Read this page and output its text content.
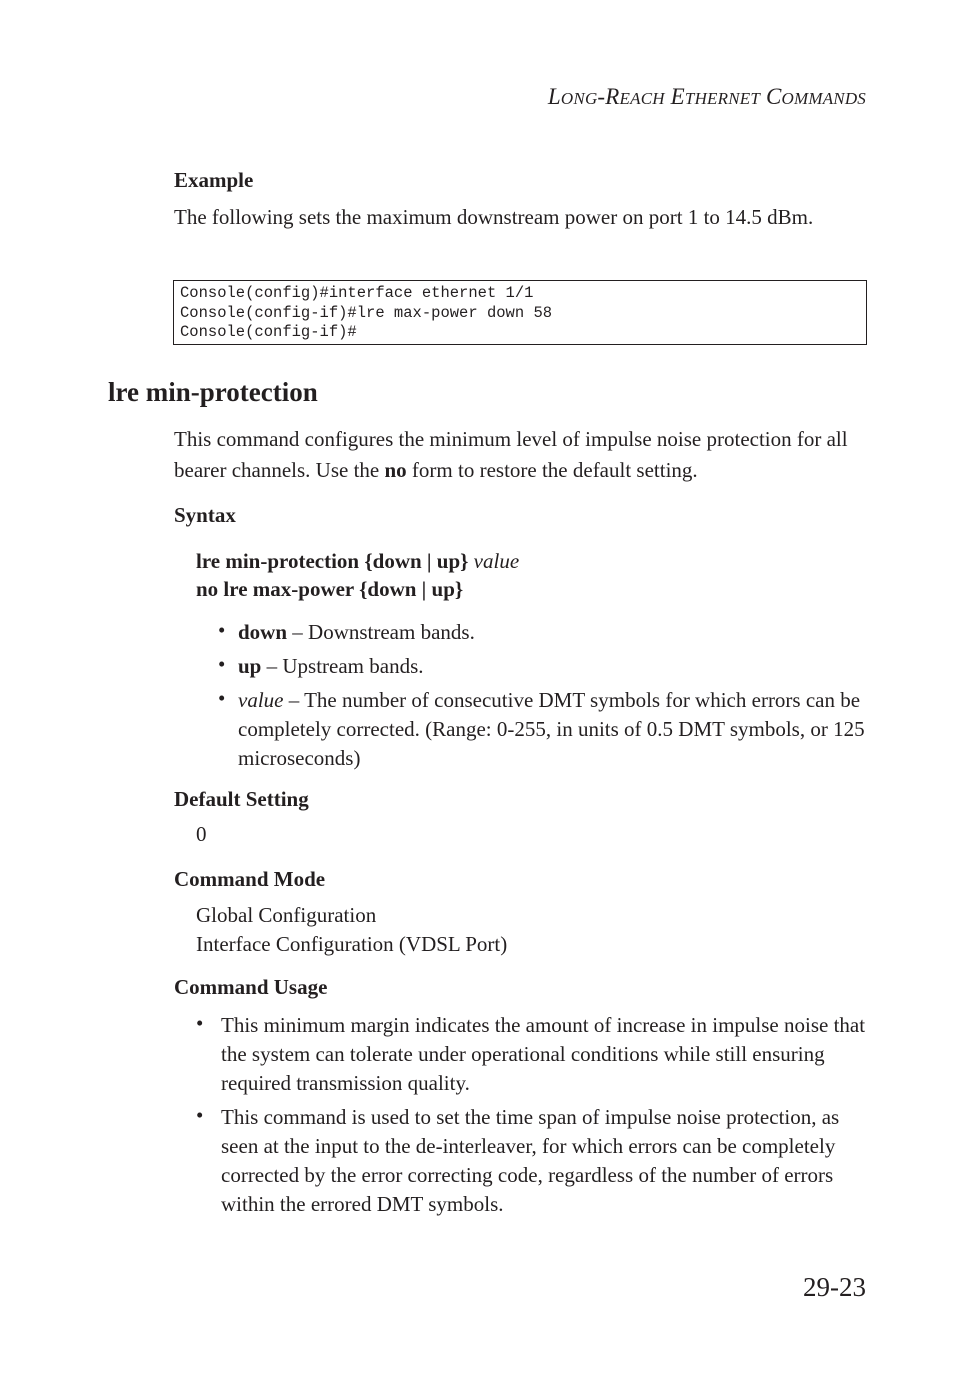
LONG-REACH ETHERNET COMMANDS
Example
The following sets the maximum downstream power on port 1 to 14.5 dBm.
Console(config)#interface ethernet 1/1
Console(config-if)#lre max-power down 58
Console(config-if)#
lre min-protection
This command configures the minimum level of impulse noise protection for all bearer channels. Use the no form to restore the default setting.
Syntax
lre min-protection {down | up} value
no lre max-power {down | up}
• down – Downstream bands.
• up – Upstream bands.
• value – The number of consecutive DMT symbols for which errors can be completely corrected. (Range: 0-255, in units of 0.5 DMT symbols, or 125 microseconds)
Default Setting
0
Command Mode
Global Configuration
Interface Configuration (VDSL Port)
Command Usage
• This minimum margin indicates the amount of increase in impulse noise that the system can tolerate under operational conditions while still ensuring required transmission quality.
• This command is used to set the time span of impulse noise protection, as seen at the input to the de-interleaver, for which errors can be completely corrected by the error correcting code, regardless of the number of errors within the errored DMT symbols.
29-23
